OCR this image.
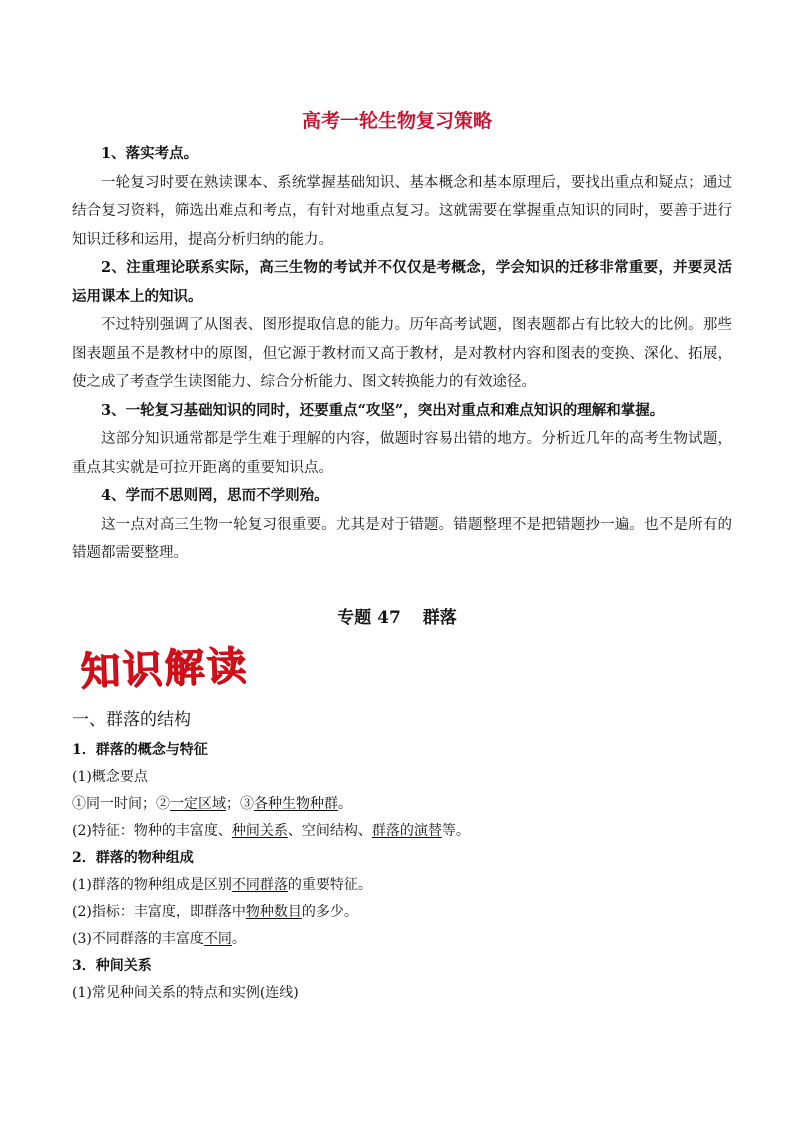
高考一轮生物复习策略

1、落实考点。

一轮复习时要在熟读课本、系统掌握基础知识、基本概念和基本原理后，要找出重点和疑点；通过结合复习资料，筛选出难点和考点，有针对地重点复习。这就需要在掌握重点知识的同时，要善于进行知识迁移和运用，提高分析归纳的能力。

2、注重理论联系实际，高三生物的考试并不仅仅是考概念，学会知识的迁移非常重要，并要灵活运用课本上的知识。

不过特别强调了从图表、图形提取信息的能力。历年高考试题，图表题都占有比较大的比例。那些图表题虽不是教材中的原图，但它源于教材而又高于教材，是对教材内容和图表的变换、深化、拓展，使之成了考查学生读图能力、综合分析能力、图文转换能力的有效途径。

3、一轮复习基础知识的同时，还要重点“攻坚”，突出对重点和难点知识的理解和掌握。

这部分知识通常都是学生难于理解的内容，做题时容易出错的地方。分析近几年的高考生物试题，重点其实就是可拉开距离的重要知识点。

4、学而不思则罔，思而不学则殆。

这一点对高三生物一轮复习很重要。尤其是对于错题。错题整理不是把错题抄一遍。也不是所有的错题都需要整理。

专题 47 群落
知识解读

一、群落的结构

1．群落的概念与特征

(1)概念要点

①同一时间；②一定区域；③各种生物种群。

(2)特征：物种的丰富度、种间关系、空间结构、群落的演替等。

2．群落的物种组成

(1)群落的物种组成是区别不同群落的重要特征。

(2)指标：丰富度，即群落中物种数目的多少。

(3)不同群落的丰富度不同。

3．种间关系

(1)常见种间关系的特点和实例(连线)
